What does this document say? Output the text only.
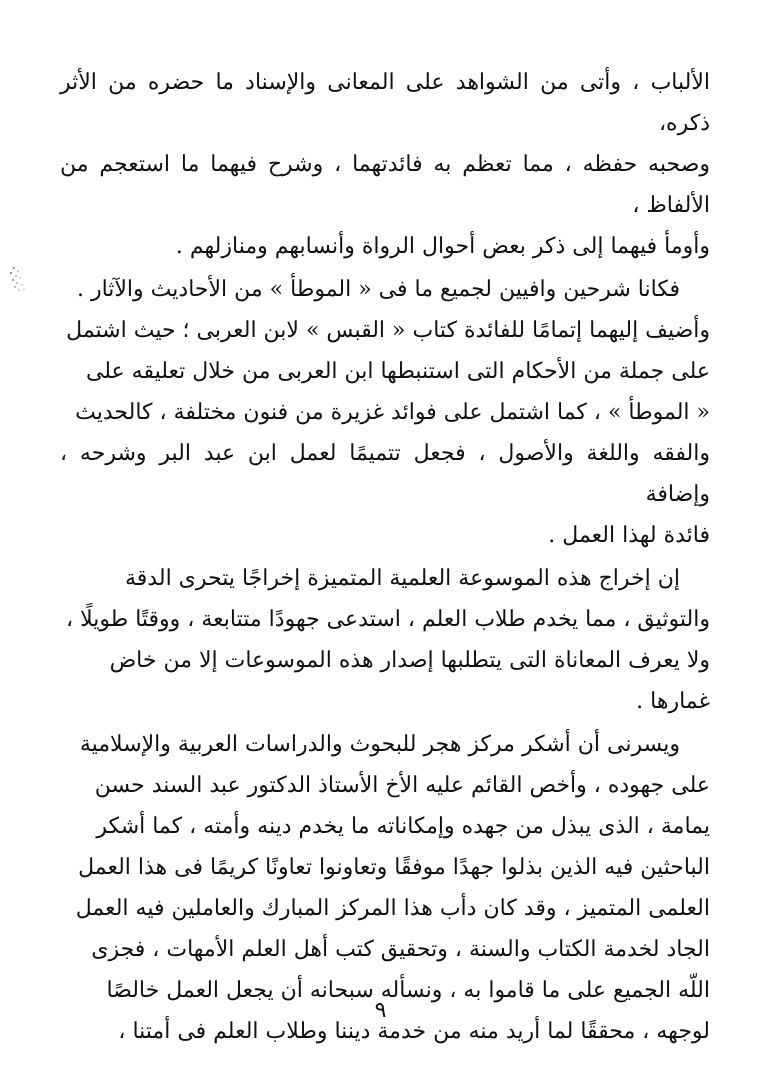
الألباب ، وأتى من الشواهد على المعانى والإسناد ما حضره من الأثر ذكره،
وصحبه حفظه ، مما تعظم به فائدتهما ، وشرح فيهما ما استعجم من الألفاظ ،
وأومأ فيهما إلى ذكر بعض أحوال الرواة وأنسابهم ومنازلهم .

فكانا شرحين وافيين لجميع ما فى « الموطأ » من الأحاديث والآثار .
وأضيف إليهما إتمامًا للفائدة كتاب « القبس » لابن العربى ؛ حيث اشتمل
على جملة من الأحكام التى استنبطها ابن العربى من خلال تعليقه على
« الموطأ » ، كما اشتمل على فوائد غزيرة من فنون مختلفة ، كالحديث
والفقه واللغة والأصول ، فجعل تتميمًا لعمل ابن عبد البر وشرحه ، وإضافة
فائدة لهذا العمل .

إن إخراج هذه الموسوعة العلمية المتميزة إخراجًا يتحرى الدقة
والتوثيق ، مما يخدم طلاب العلم ، استدعى جهودًا متتابعة ، ووقتًا طويلًا ،
ولا يعرف المعاناة التى يتطلبها إصدار هذه الموسوعات إلا من خاض
غمارها .

ويسرنى أن أشكر مركز هجر للبحوث والدراسات العربية والإسلامية
على جهوده ، وأخص القائم عليه الأخ الأستاذ الدكتور عبد السند حسن
يمامة ، الذى يبذل من جهده وإمكاناته ما يخدم دينه وأمته ، كما أشكر
الباحثين فيه الذين بذلوا جهدًا موفقًا وتعاونوا تعاونًا كريمًا فى هذا العمل
العلمى المتميز ، وقد كان دأب هذا المركز المبارك والعاملين فيه العمل
الجاد لخدمة الكتاب والسنة ، وتحقيق كتب أهل العلم الأمهات ، فجزى
اللّه الجميع على ما قاموا به ، ونسأله سبحانه أن يجعل العمل خالصًا
لوجهه ، محققًا لما أريد منه من خدمة ديننا وطلاب العلم فى أمتنا ،

٩
